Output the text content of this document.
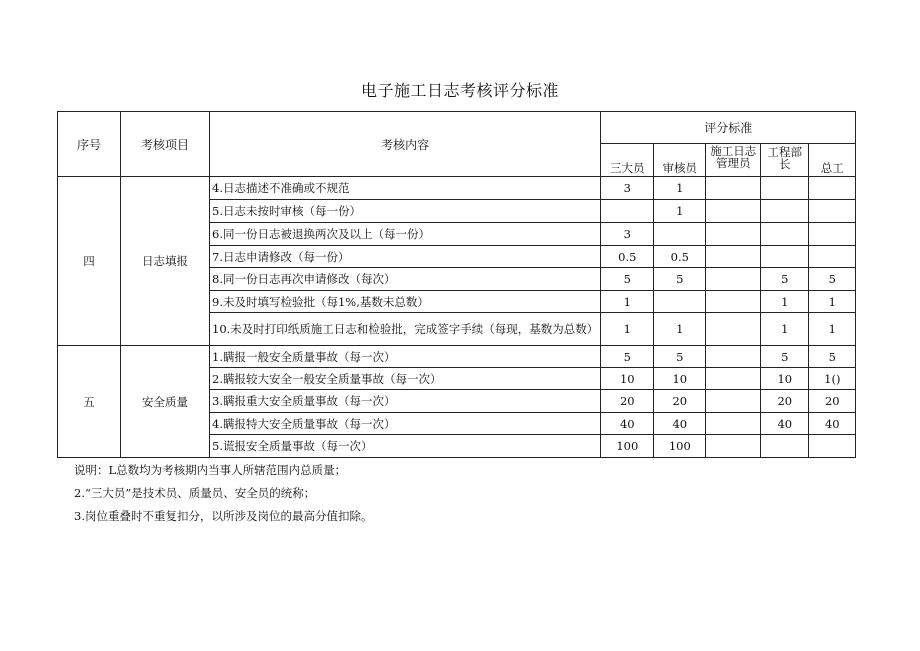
电子施工日志考核评分标准
序号	考核项目	考核内容	评分标准				
			三大员	审核员	施工日志管理员	工程部长	总工
四	日志填报	4.日志描述不准确或不规范	3	1			
		5.日志未按时审核（每一份）		1			
		6.同一份日志被退换两次及以上（每一份）	3				
		7.日志申请修改（每一份）	0.5	0.5			
		8.同一份日志再次申请修改（每次）	5	5		5	5
		9.未及时填写检验批（每1%,基数未总数）	1			1	1
		10.未及时打印纸质施工日志和检验批，完成签字手续（每现，基数为总数）	1	1		1	1
五	安全质量	1.瞒报一般安全质量事故（每一次）	5	5		5	5
		2.瞒报较大安全一般安全质量事故（每一次）	10	10		10	1()
		3.瞒报重大安全质量事故（每一次）	20	20		20	20
		4.瞒报特大安全质量事故（每一次）	40	40		40	40
		5.谎报安全质量事故（每一次）	100	100			
说明：L总数均为考核期内当事人所辖范围内总质量；
2.“三大员”是技术员、质量员、安全员的统称；
3.岗位重叠时不重复扣分，以所涉及岗位的最高分值扣除。
